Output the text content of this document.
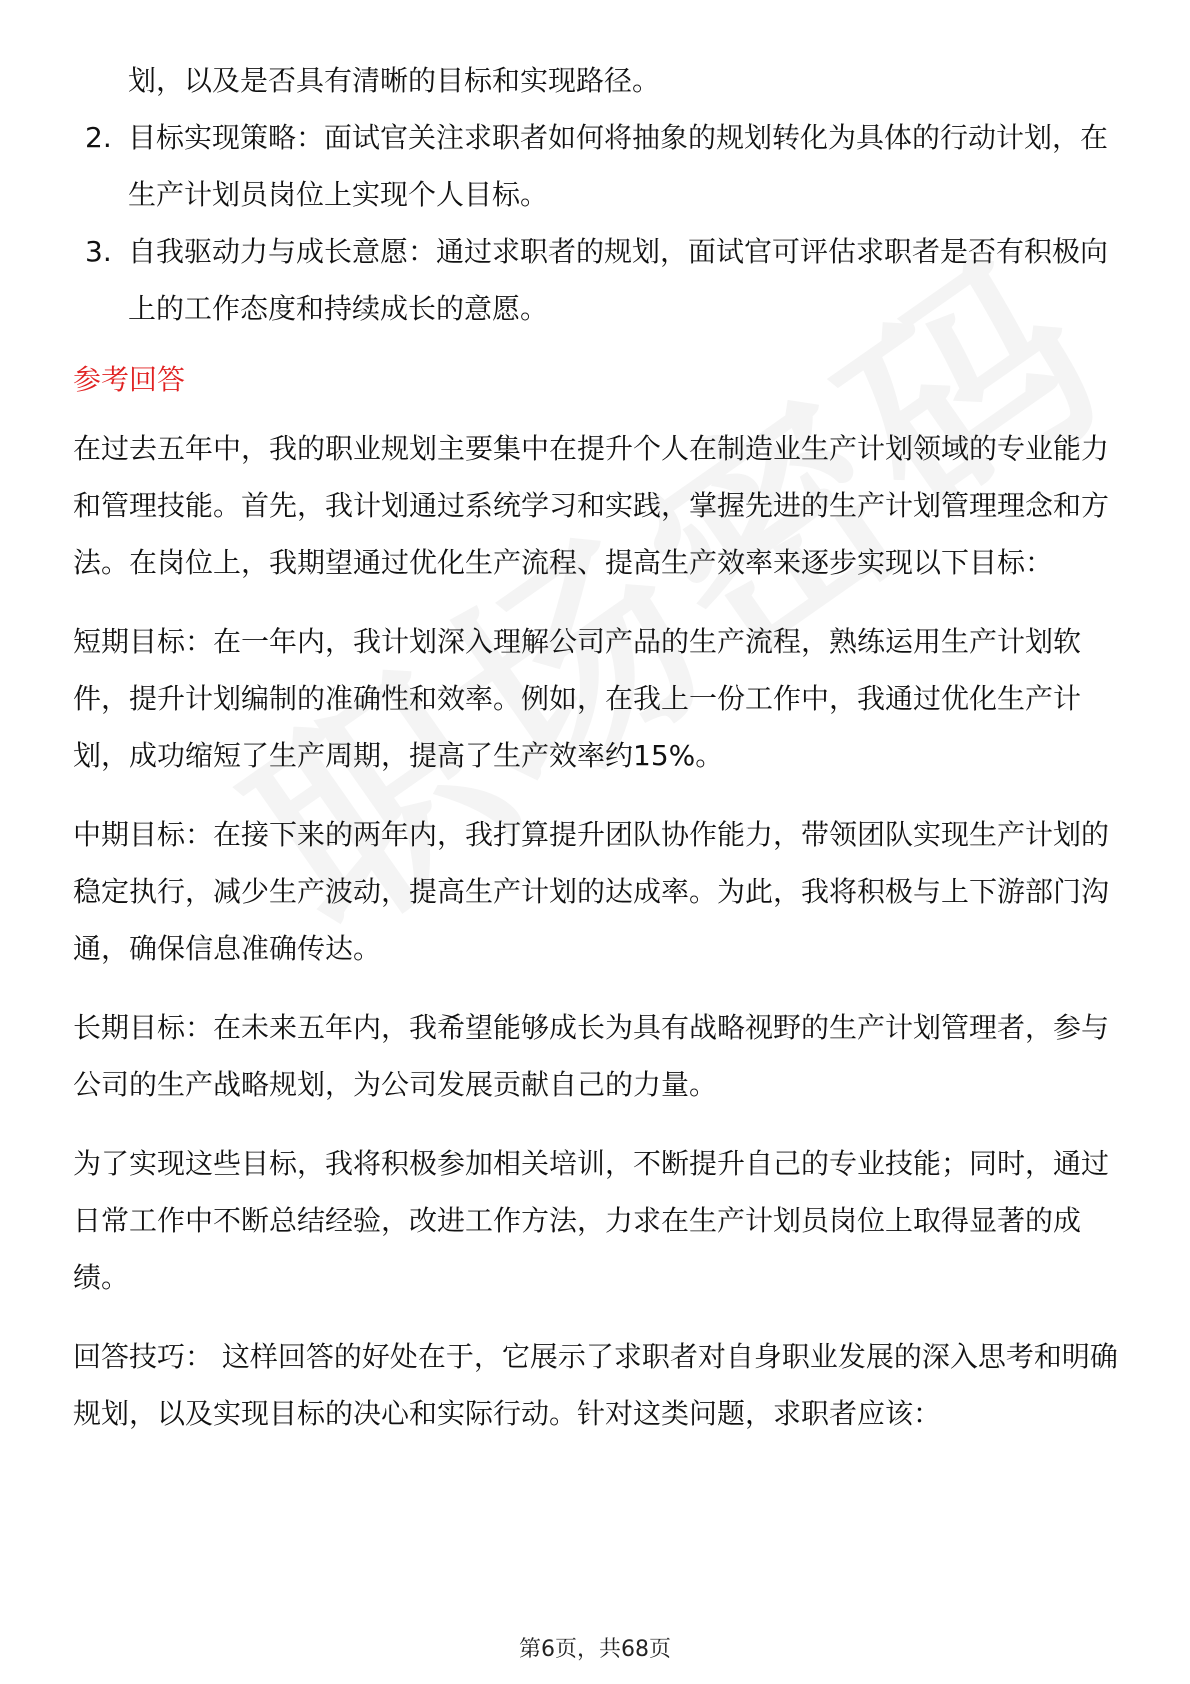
划，以及是否具有清晰的目标和实现路径。

2. 目标实现策略：面试官关注求职者如何将抽象的规划转化为具体的行动计划，在生产计划员岗位上实现个人目标。
3. 自我驱动力与成长意愿：通过求职者的规划，面试官可评估求职者是否有积极向上的工作态度和持续成长的意愿。
参考回答

在过去五年中，我的职业规划主要集中在提升个人在制造业生产计划领域的专业能力和管理技能。首先，我计划通过系统学习和实践，掌握先进的生产计划管理理念和方法。在岗位上，我期望通过优化生产流程、提高生产效率来逐步实现以下目标：

短期目标：在一年内，我计划深入理解公司产品的生产流程，熟练运用生产计划软件，提升计划编制的准确性和效率。例如，在我上一份工作中，我通过优化生产计划，成功缩短了生产周期，提高了生产效率约15%。

中期目标：在接下来的两年内，我打算提升团队协作能力，带领团队实现生产计划的稳定执行，减少生产波动，提高生产计划的达成率。为此，我将积极与上下游部门沟通，确保信息准确传达。

长期目标：在未来五年内，我希望能够成长为具有战略视野的生产计划管理者，参与公司的生产战略规划，为公司发展贡献自己的力量。

为了实现这些目标，我将积极参加相关培训，不断提升自己的专业技能；同时，通过日常工作中不断总结经验，改进工作方法，力求在生产计划员岗位上取得显著的成绩。

回答技巧： 这样回答的好处在于，它展示了求职者对自身职业发展的深入思考和明确规划，以及实现目标的决心和实际行动。针对这类问题，求职者应该：

第6页，共68页
